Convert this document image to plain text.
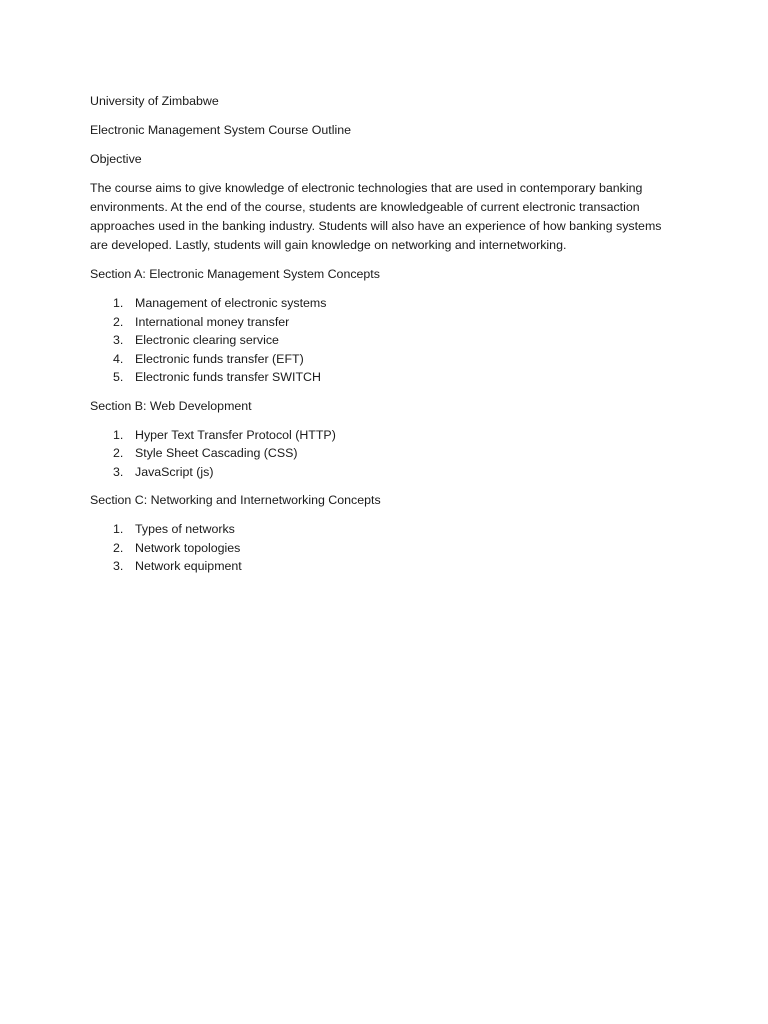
University of Zimbabwe

Electronic Management System Course Outline

Objective

The course aims to give knowledge of electronic technologies that are used in contemporary banking environments. At the end of the course, students are knowledgeable of current electronic transaction approaches used in the banking industry. Students will also have an experience of how banking systems are developed. Lastly, students will gain knowledge on networking and internetworking.

Section A: Electronic Management System Concepts

1. Management of electronic systems
2. International money transfer
3. Electronic clearing service
4. Electronic funds transfer (EFT)
5. Electronic funds transfer SWITCH

Section B: Web Development

1. Hyper Text Transfer Protocol (HTTP)
2. Style Sheet Cascading (CSS)
3. JavaScript (js)

Section C: Networking and Internetworking Concepts

1. Types of networks
2. Network topologies
3. Network equipment
